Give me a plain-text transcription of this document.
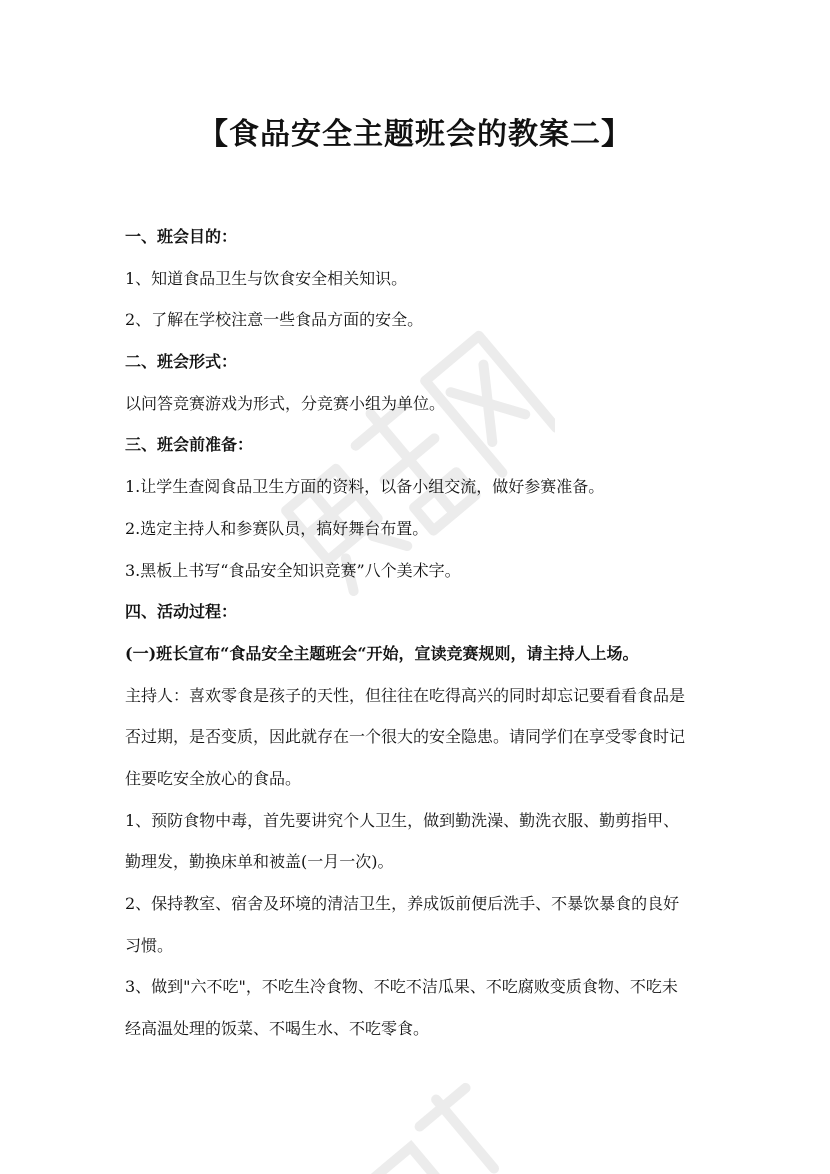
【食品安全主题班会的教案二】
一、班会目的：
1、知道食品卫生与饮食安全相关知识。
2、了解在学校注意一些食品方面的安全。
二、班会形式：
以问答竞赛游戏为形式，分竞赛小组为单位。
三、班会前准备：
1.让学生查阅食品卫生方面的资料，以备小组交流，做好参赛准备。
2.选定主持人和参赛队员，搞好舞台布置。
3.黑板上书写“食品安全知识竞赛”八个美术字。
四、活动过程：
(一)班长宣布“食品安全主题班会“开始，宣读竞赛规则，请主持人上场。
主持人：喜欢零食是孩子的天性，但往往在吃得高兴的同时却忘记要看看食品是
否过期，是否变质，因此就存在一个很大的安全隐患。请同学们在享受零食时记
住要吃安全放心的食品。
1、预防食物中毒，首先要讲究个人卫生，做到勤洗澡、勤洗衣服、勤剪指甲、
勤理发，勤换床单和被盖(一月一次)。
2、保持教室、宿舍及环境的清洁卫生，养成饭前便后洗手、不暴饮暴食的良好
习惯。
3、做到"六不吃"，不吃生冷食物、不吃不洁瓜果、不吃腐败变质食物、不吃未
经高温处理的饭菜、不喝生水、不吃零食。
